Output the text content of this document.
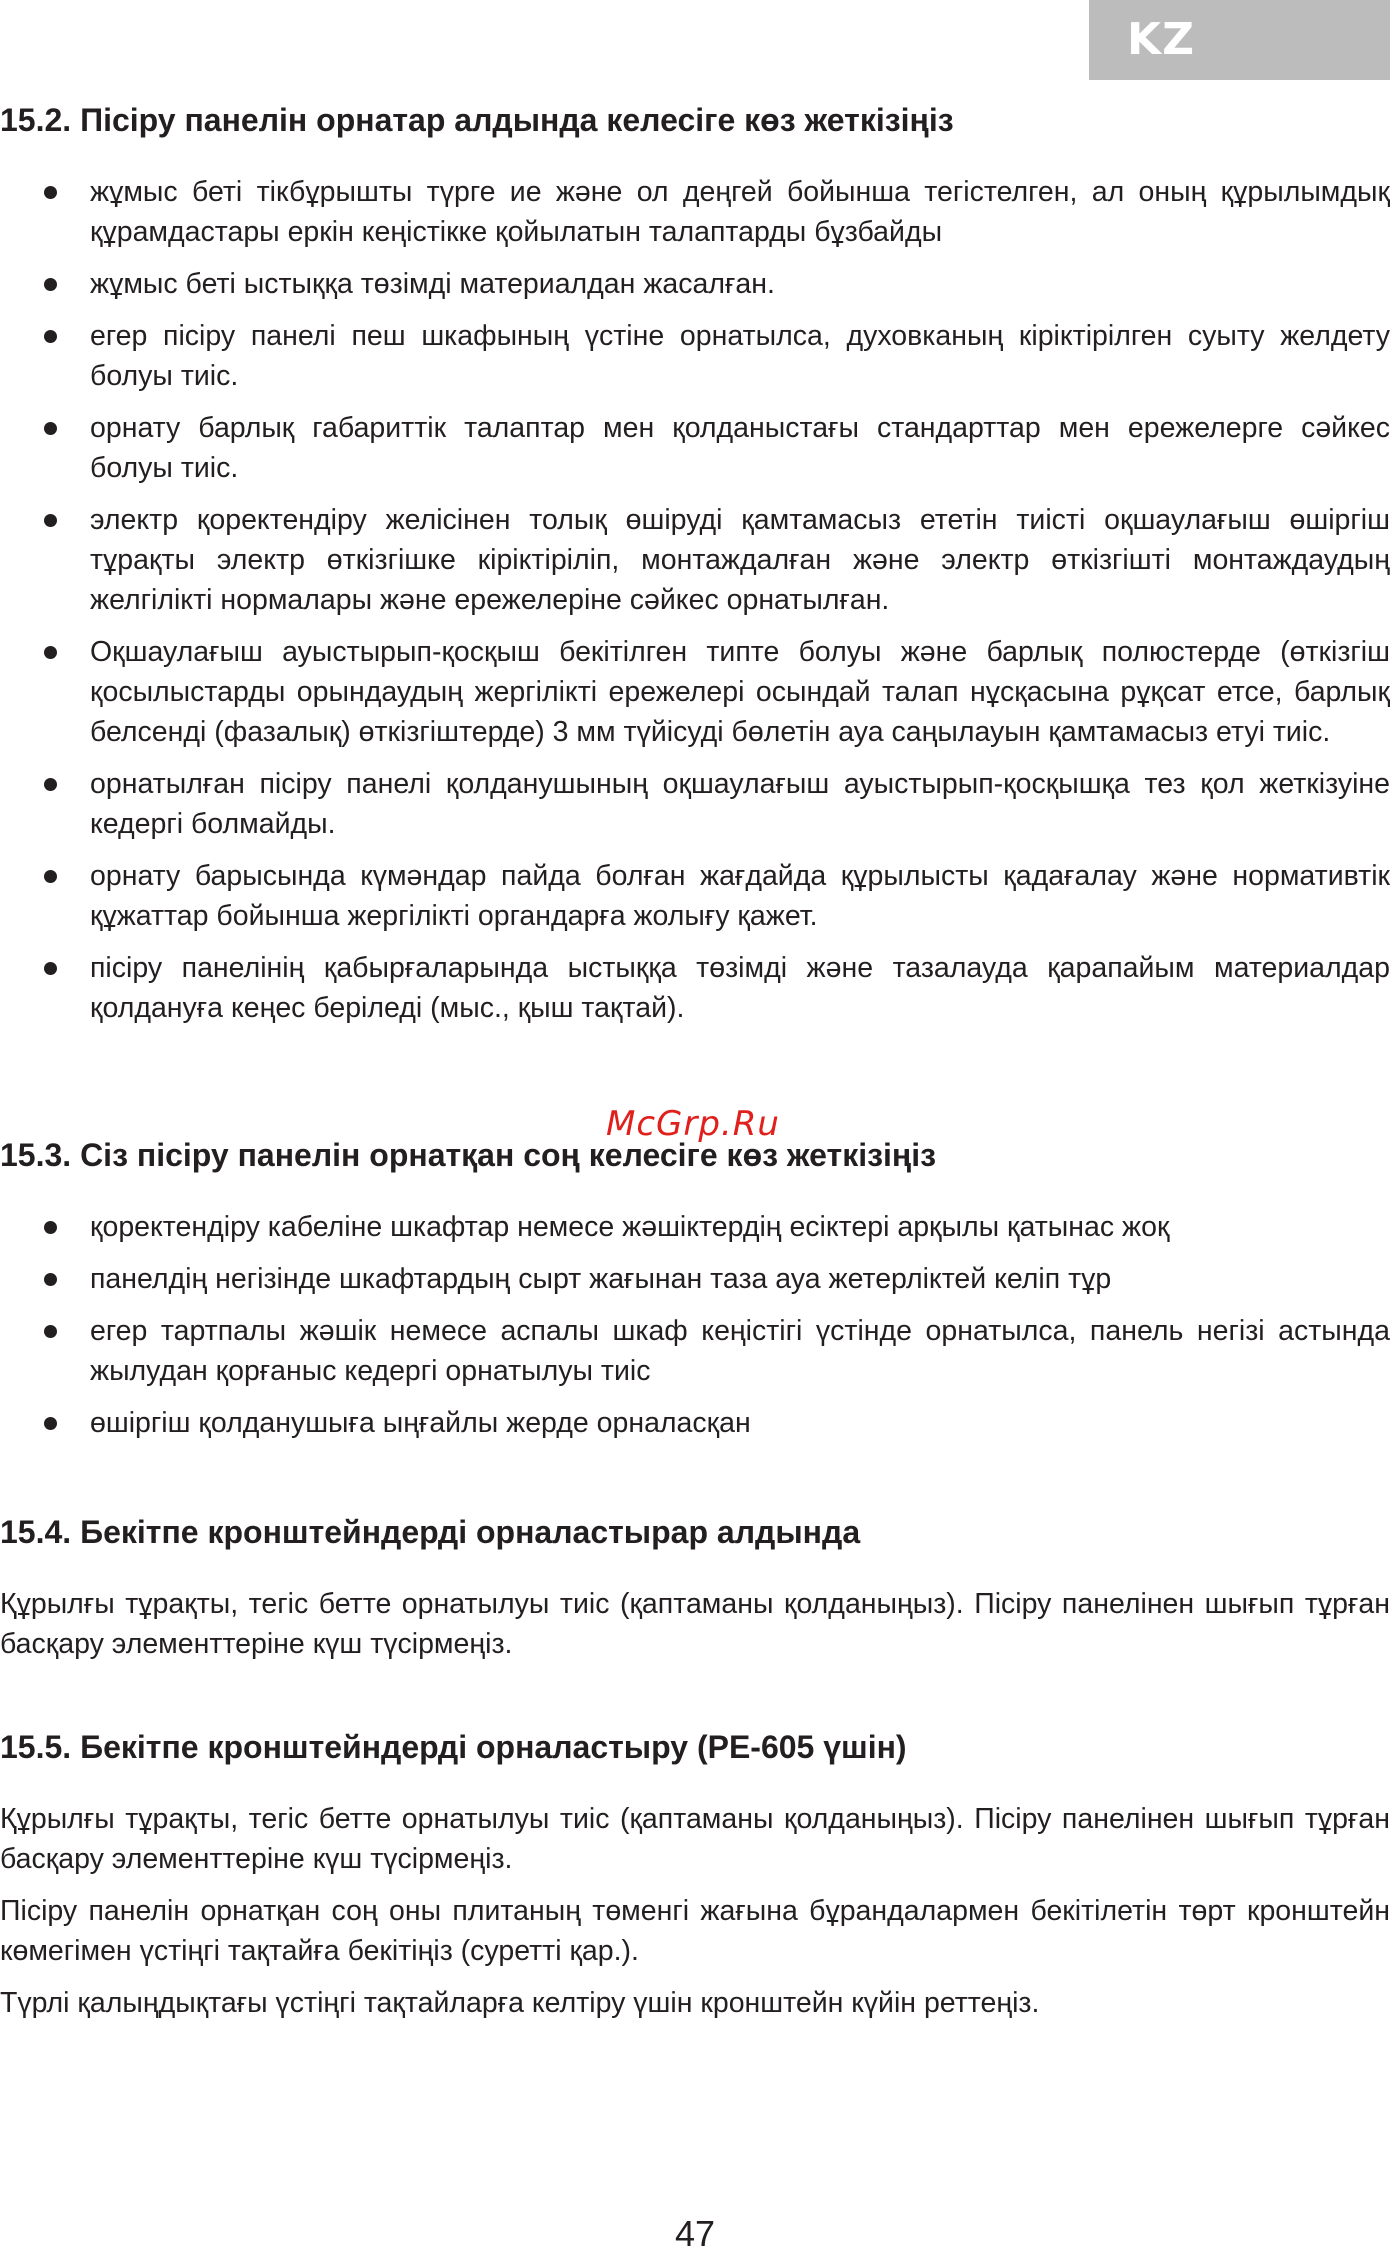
KZ
15.2. Пісіру панелін орнатар алдында келесіге көз жеткізіңіз
жұмыс беті тікбұрышты түрге ие және ол деңгей бойынша тегістелген, ал оның құрылымдық құрамдастары еркін кеңістікке қойылатын талаптарды бұзбайды
жұмыс беті ыстыққа төзімді материалдан жасалған.
егер пісіру панелі пеш шкафының үстіне орнатылса, духовканың кіріктірілген суыту желдету болуы тиіс.
орнату барлық габариттік талаптар мен қолданыстағы стандарттар мен ережелерге сәйкес болуы тиіс.
электр қоректендіру желісінен толық өшіруді қамтамасыз ететін тиісті оқшаулағыш өшіргіш тұрақты электр өткізгішке кіріктіріліп, монтаждалған және электр өткізгішті монтаждаудың желгілікті нормалары және ережелеріне сәйкес орнатылған.
Оқшаулағыш ауыстырып-қосқыш бекітілген типте болуы және барлық полюстерде (өткізгіш қосылыстарды орындаудың жергілікті ережелері осындай талап нұсқасына рұқсат етсе, барлық белсенді (фазалық) өткізгіштерде) 3 мм түйісуді бөлетін ауа саңылауын қамтамасыз етуі тиіс.
орнатылған пісіру панелі қолданушының оқшаулағыш ауыстырып-қосқышқа тез қол жеткізуіне кедергі болмайды.
орнату барысында күмәндар пайда болған жағдайда құрылысты қадағалау және нормативтік құжаттар бойынша жергілікті органдарға жолығу қажет.
пісіру панелінің қабырғаларында ыстыққа төзімді және тазалауда қарапайым материалдар қолдануға кеңес беріледі (мыс., қыш тақтай).
15.3. Сіз пісіру панелін орнатқан соң келесіге көз жеткізіңіз
қоректендіру кабеліне шкафтар немесе жәшіктердің есіктері арқылы қатынас жоқ
панелдің негізінде шкафтардың сырт жағынан таза ауа жетерліктей келіп тұр
егер тартпалы жәшік немесе аспалы шкаф кеңістігі үстінде орнатылса, панель негізі астында жылудан қорғаныс кедергі орнатылуы тиіс
өшіргіш қолданушыға ыңғайлы жерде орналасқан
15.4. Бекітпе кронштейндерді орналастырар алдында

Құрылғы тұрақты, тегіс бетте орнатылуы тиіс (қаптаманы қолданыңыз). Пісіру панелінен шығып тұрған басқару элементтеріне күш түсірмеңіз.

15.5. Бекітпе кронштейндерді орналастыру (PE-605 үшін)

Құрылғы тұрақты, тегіс бетте орнатылуы тиіс (қаптаманы қолданыңыз). Пісіру панелінен шығып тұрған басқару элементтеріне күш түсірмеңіз.

Пісіру панелін орнатқан соң оны плитаның төменгі жағына бұрандалармен бекітілетін төрт кронштейн көмегімен үстіңгі тақтайға бекітіңіз (суретті қар.).

Түрлі қалыңдықтағы үстіңгі тақтайларға келтіру үшін кронштейн күйін реттеңіз.

McGrp.Ru
47
